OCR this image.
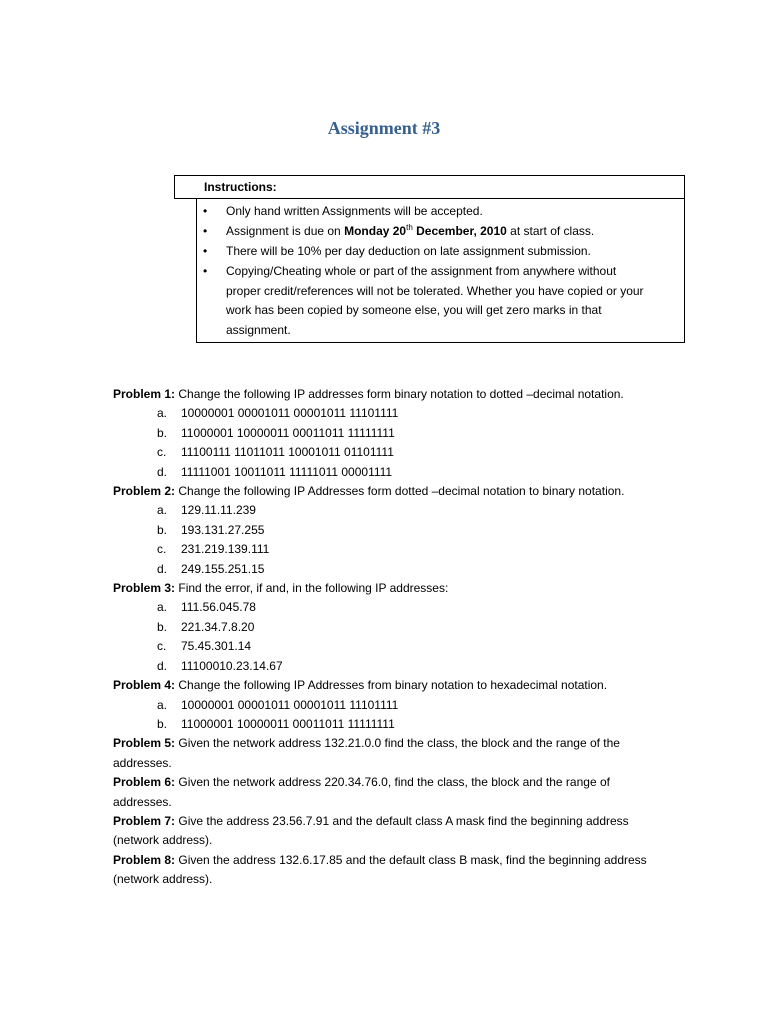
Assignment #3
Instructions:
• Only hand written Assignments will be accepted.
• Assignment is due on Monday 20th December, 2010 at start of class.
• There will be 10% per day deduction on late assignment submission.
• Copying/Cheating whole or part of the assignment from anywhere without
proper credit/references will not be tolerated. Whether you have copied or your
work has been copied by someone else, you will get zero marks in that
assignment.
Problem 1: Change the following IP addresses form binary notation to dotted –decimal notation.
a. 10000001 00001011 00001011 11101111
b. 11000001 10000011 00011011 11111111
c. 11100111 11011011 10001011 01101111
d. 11111001 10011011 11111011 00001111
Problem 2: Change the following IP Addresses form dotted –decimal notation to binary notation.
a. 129.11.11.239
b. 193.131.27.255
c. 231.219.139.111
d. 249.155.251.15
Problem 3: Find the error, if and, in the following IP addresses:
a. 111.56.045.78
b. 221.34.7.8.20
c. 75.45.301.14
d. 11100010.23.14.67
Problem 4: Change the following IP Addresses from binary notation to hexadecimal notation.
a. 10000001 00001011 00001011 11101111
b. 11000001 10000011 00011011 11111111
Problem 5: Given the network address 132.21.0.0 find the class, the block and the range of the
addresses.
Problem 6: Given the network address 220.34.76.0, find the class, the block and the range of
addresses.
Problem 7: Give the address 23.56.7.91 and the default class A mask find the beginning address
(network address).
Problem 8: Given the address 132.6.17.85 and the default class B mask, find the beginning address
(network address).
